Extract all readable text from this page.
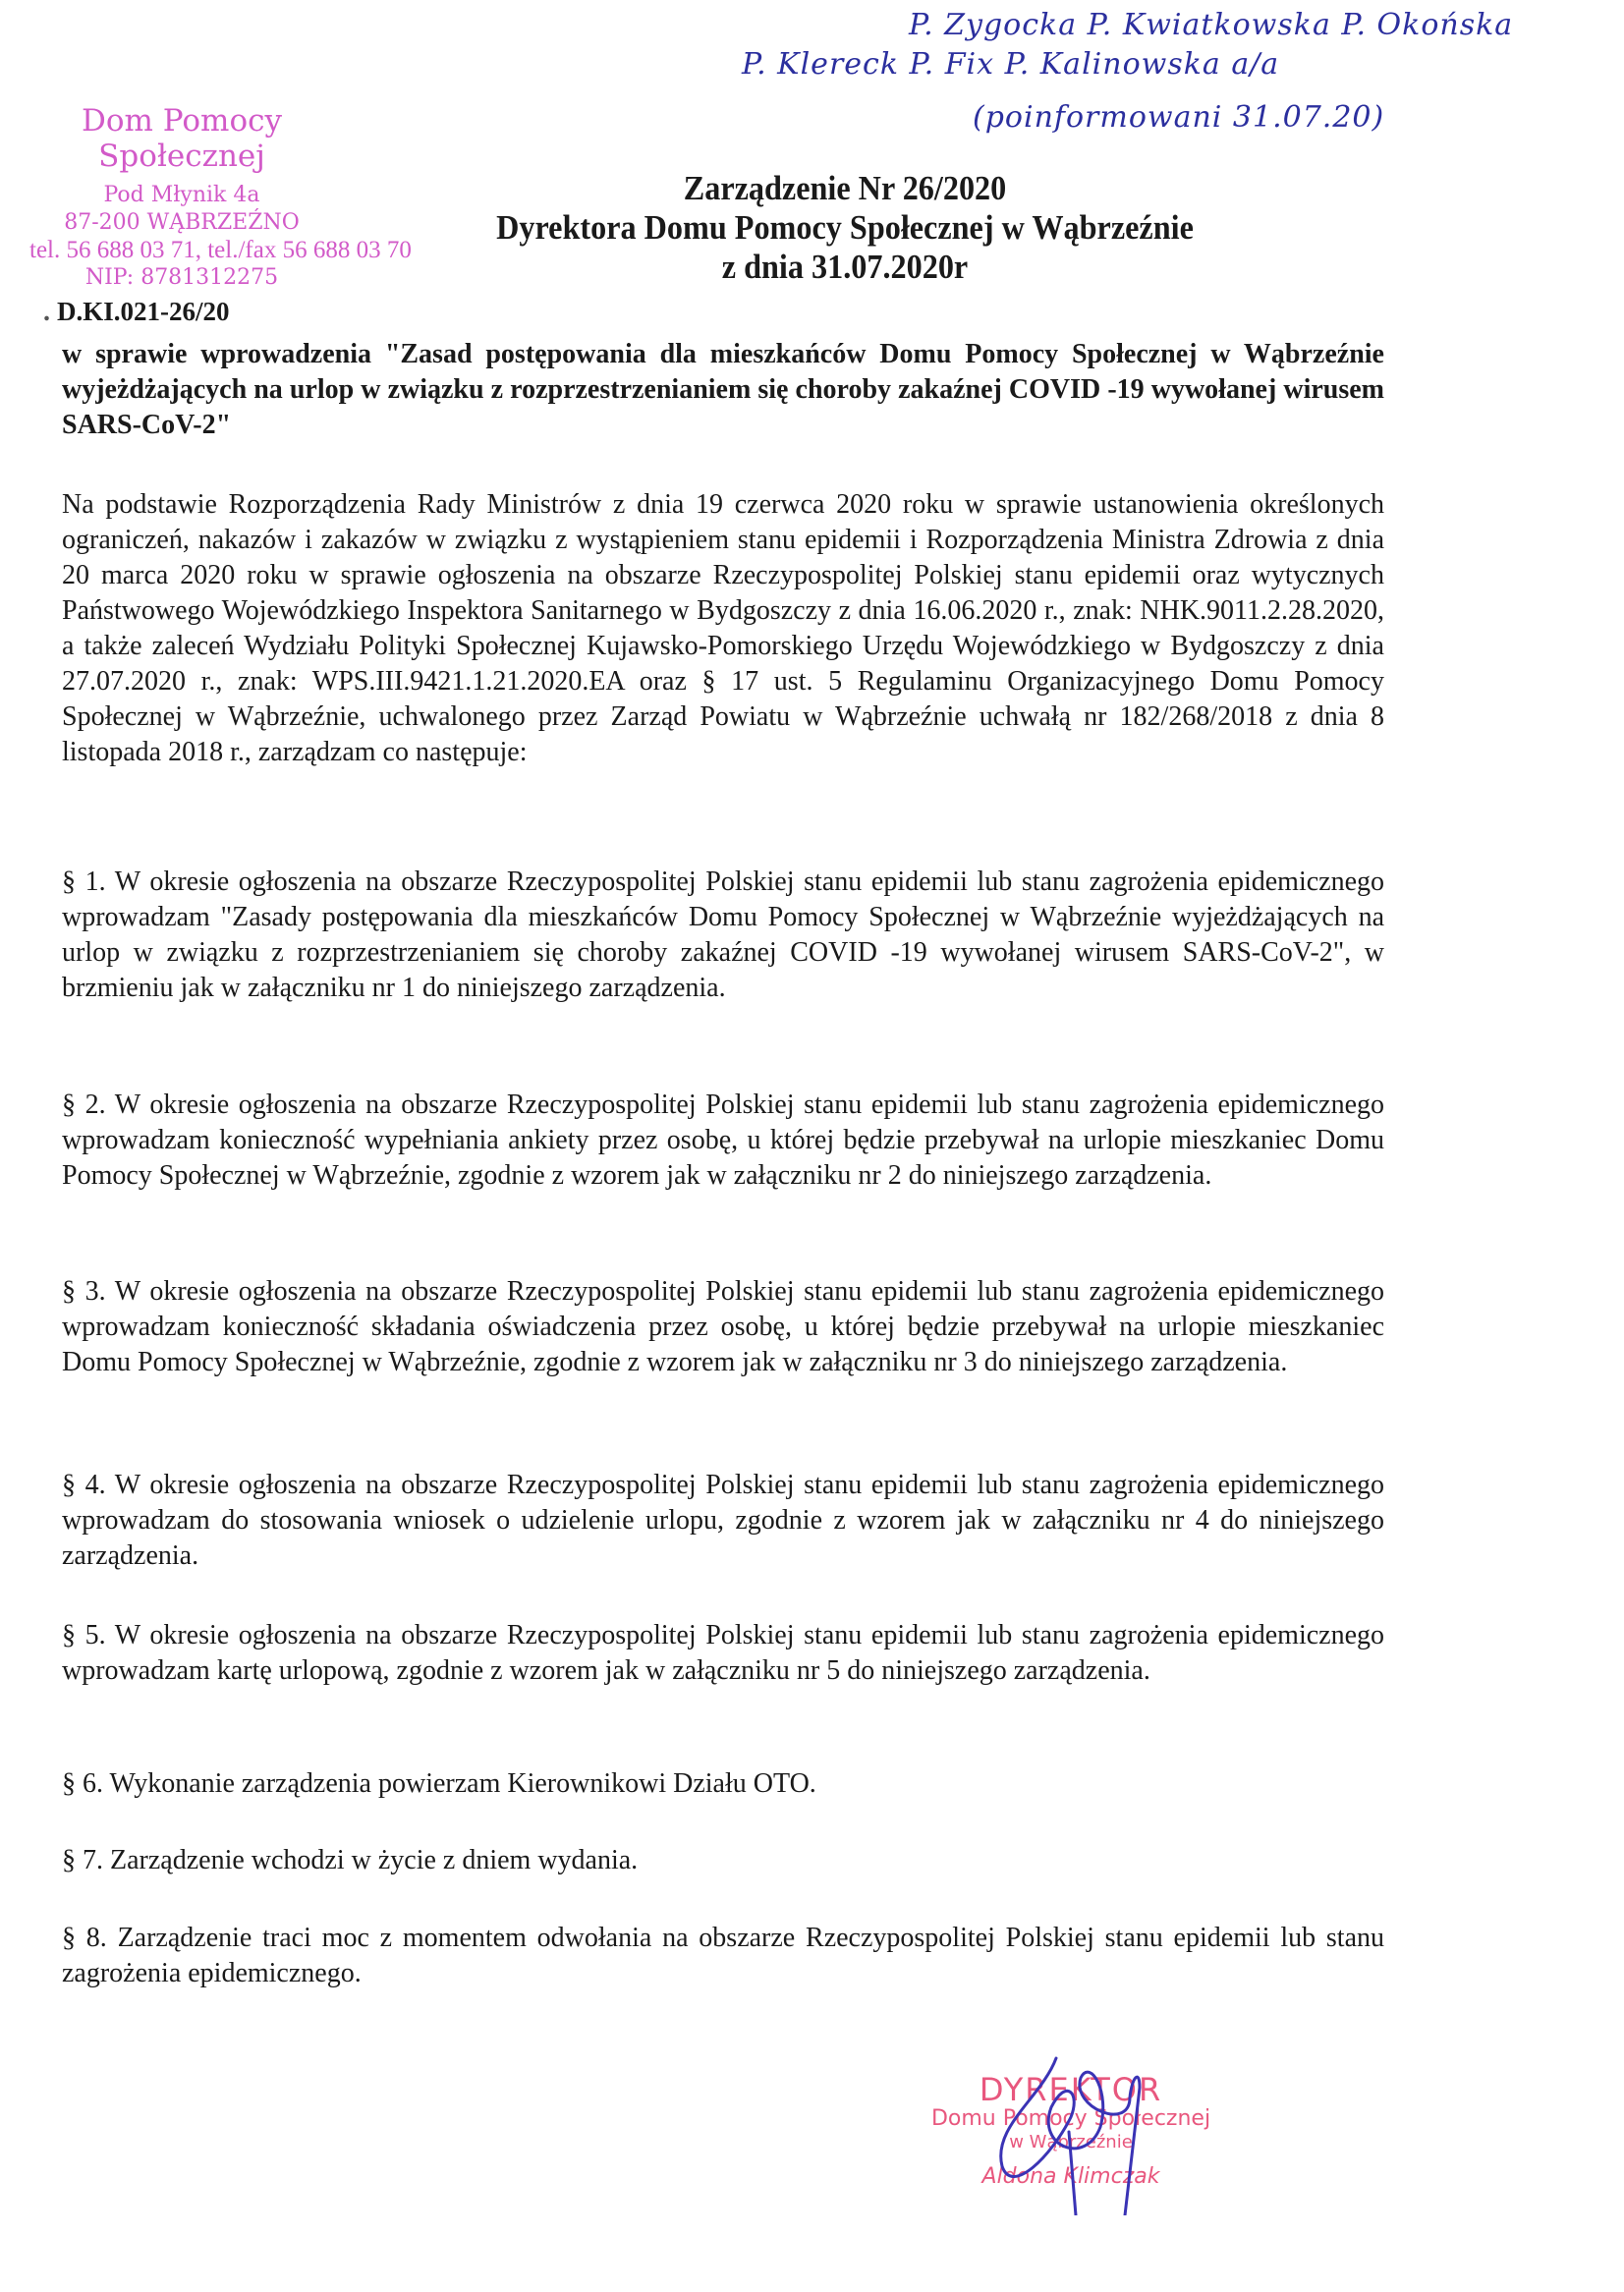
P. Zygocka P. Kwiatkowska P. Okońska
P. Klereck P. Fix P. Kalinowska a/a
(poinformowani 31.07.20)
Dom Pomocy Społecznej
Pod Młynik 4a
87-200 WĄBRZEŹNO
tel. 56 688 03 71, tel./fax 56 688 03 70
NIP: 8781312275
Zarządzenie Nr 26/2020
Dyrektora Domu Pomocy Społecznej w Wąbrzeźnie
z dnia 31.07.2020r
. D.KI.021-26/20
w sprawie wprowadzenia "Zasad postępowania dla mieszkańców Domu Pomocy Społecznej w Wąbrzeźnie wyjeżdżających na urlop w związku z rozprzestrzenianiem się choroby zakaźnej COVID -19 wywołanej wirusem SARS-CoV-2"
Na podstawie Rozporządzenia Rady Ministrów z dnia 19 czerwca 2020 roku w sprawie ustanowienia określonych ograniczeń, nakazów i zakazów w związku z wystąpieniem stanu epidemii i Rozporządzenia Ministra Zdrowia z dnia 20 marca 2020 roku w sprawie ogłoszenia na obszarze Rzeczypospolitej Polskiej stanu epidemii oraz wytycznych Państwowego Wojewódzkiego Inspektora Sanitarnego w Bydgoszczy z dnia 16.06.2020 r., znak: NHK.9011.2.28.2020, a także zaleceń Wydziału Polityki Społecznej Kujawsko-Pomorskiego Urzędu Wojewódzkiego w Bydgoszczy z dnia 27.07.2020 r., znak: WPS.III.9421.1.21.2020.EA oraz § 17 ust. 5 Regulaminu Organizacyjnego Domu Pomocy Społecznej w Wąbrzeźnie, uchwalonego przez Zarząd Powiatu w Wąbrzeźnie uchwałą nr 182/268/2018 z dnia 8 listopada 2018 r., zarządzam co następuje:
§ 1. W okresie ogłoszenia na obszarze Rzeczypospolitej Polskiej stanu epidemii lub stanu zagrożenia epidemicznego wprowadzam "Zasady postępowania dla mieszkańców Domu Pomocy Społecznej w Wąbrzeźnie wyjeżdżających na urlop w związku z rozprzestrzenianiem się choroby zakaźnej COVID -19 wywołanej wirusem SARS-CoV-2", w brzmieniu jak w załączniku nr 1 do niniejszego zarządzenia.
§ 2. W okresie ogłoszenia na obszarze Rzeczypospolitej Polskiej stanu epidemii lub stanu zagrożenia epidemicznego wprowadzam konieczność wypełniania ankiety przez osobę, u której będzie przebywał na urlopie mieszkaniec Domu Pomocy Społecznej w Wąbrzeźnie, zgodnie z wzorem jak w załączniku nr 2 do niniejszego zarządzenia.
§ 3. W okresie ogłoszenia na obszarze Rzeczypospolitej Polskiej stanu epidemii lub stanu zagrożenia epidemicznego wprowadzam konieczność składania oświadczenia przez osobę, u której będzie przebywał na urlopie mieszkaniec Domu Pomocy Społecznej w Wąbrzeźnie, zgodnie z wzorem jak w załączniku nr 3 do niniejszego zarządzenia.
§ 4. W okresie ogłoszenia na obszarze Rzeczypospolitej Polskiej stanu epidemii lub stanu zagrożenia epidemicznego wprowadzam do stosowania wniosek o udzielenie urlopu, zgodnie z wzorem jak w załączniku nr 4 do niniejszego zarządzenia.
§ 5. W okresie ogłoszenia na obszarze Rzeczypospolitej Polskiej stanu epidemii lub stanu zagrożenia epidemicznego wprowadzam kartę urlopową, zgodnie z wzorem jak w załączniku nr 5 do niniejszego zarządzenia.
§ 6. Wykonanie zarządzenia powierzam Kierownikowi Działu OTO.
§ 7. Zarządzenie wchodzi w życie z dniem wydania.
§ 8. Zarządzenie traci moc z momentem odwołania na obszarze Rzeczypospolitej Polskiej stanu epidemii lub stanu zagrożenia epidemicznego.
DYREKTOR
Domu Pomocy Społecznej
w Wąbrzeźnie
Aldona Klimczak
